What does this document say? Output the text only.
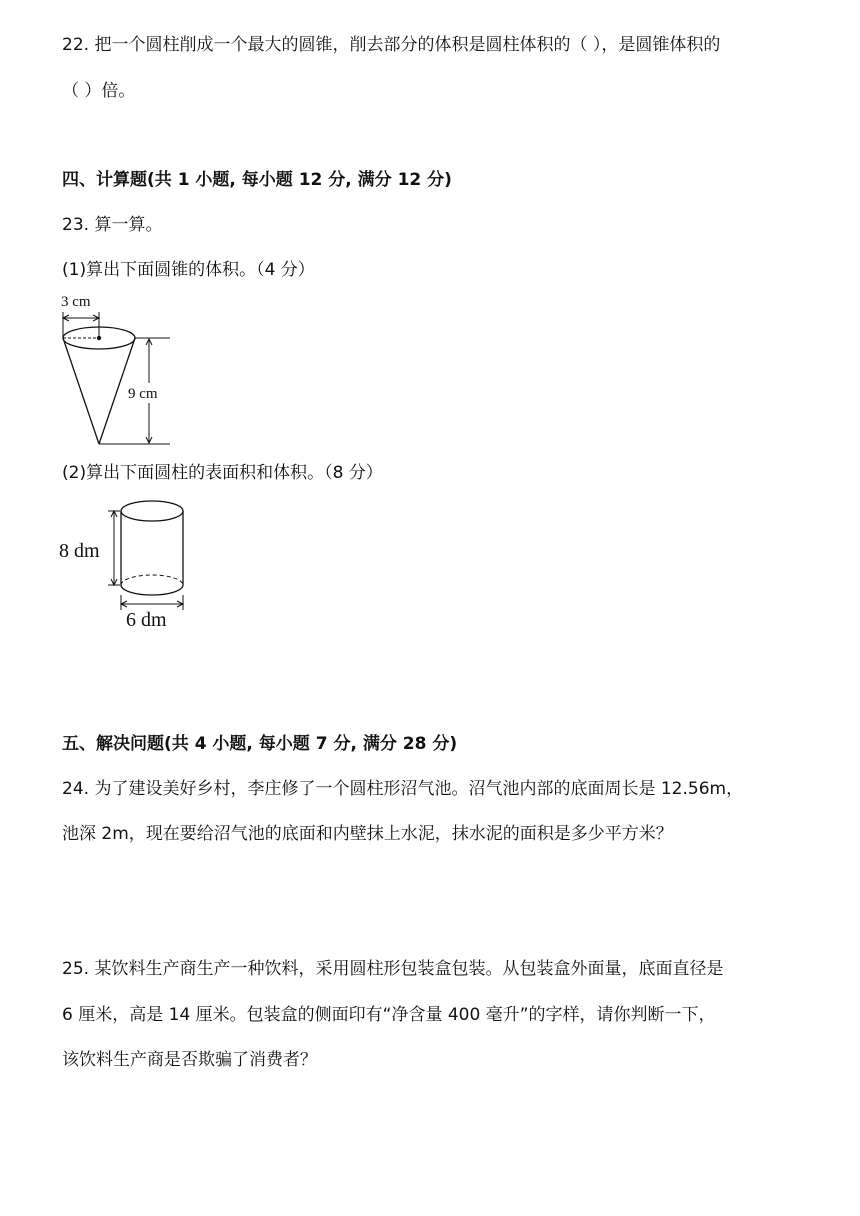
22. 把一个圆柱削成一个最大的圆锥，削去部分的体积是圆柱体积的（ ），是圆锥体积的
（ ）倍。
四、计算题(共 1 小题, 每小题 12 分, 满分 12 分)
23. 算一算。
(1)算出下面圆锥的体积。（4 分）
3 cm
9 cm
(2)算出下面圆柱的表面积和体积。（8 分）
8 dm
6 dm
五、解决问题(共 4 小题, 每小题 7 分, 满分 28 分)
24. 为了建设美好乡村，李庄修了一个圆柱形沼气池。沼气池内部的底面周长是 12.56m，
池深 2m，现在要给沼气池的底面和内壁抹上水泥，抹水泥的面积是多少平方米？
25. 某饮料生产商生产一种饮料，采用圆柱形包装盒包装。从包装盒外面量，底面直径是
6 厘米，高是 14 厘米。包装盒的侧面印有“净含量 400 毫升”的字样，请你判断一下，
该饮料生产商是否欺骗了消费者？
